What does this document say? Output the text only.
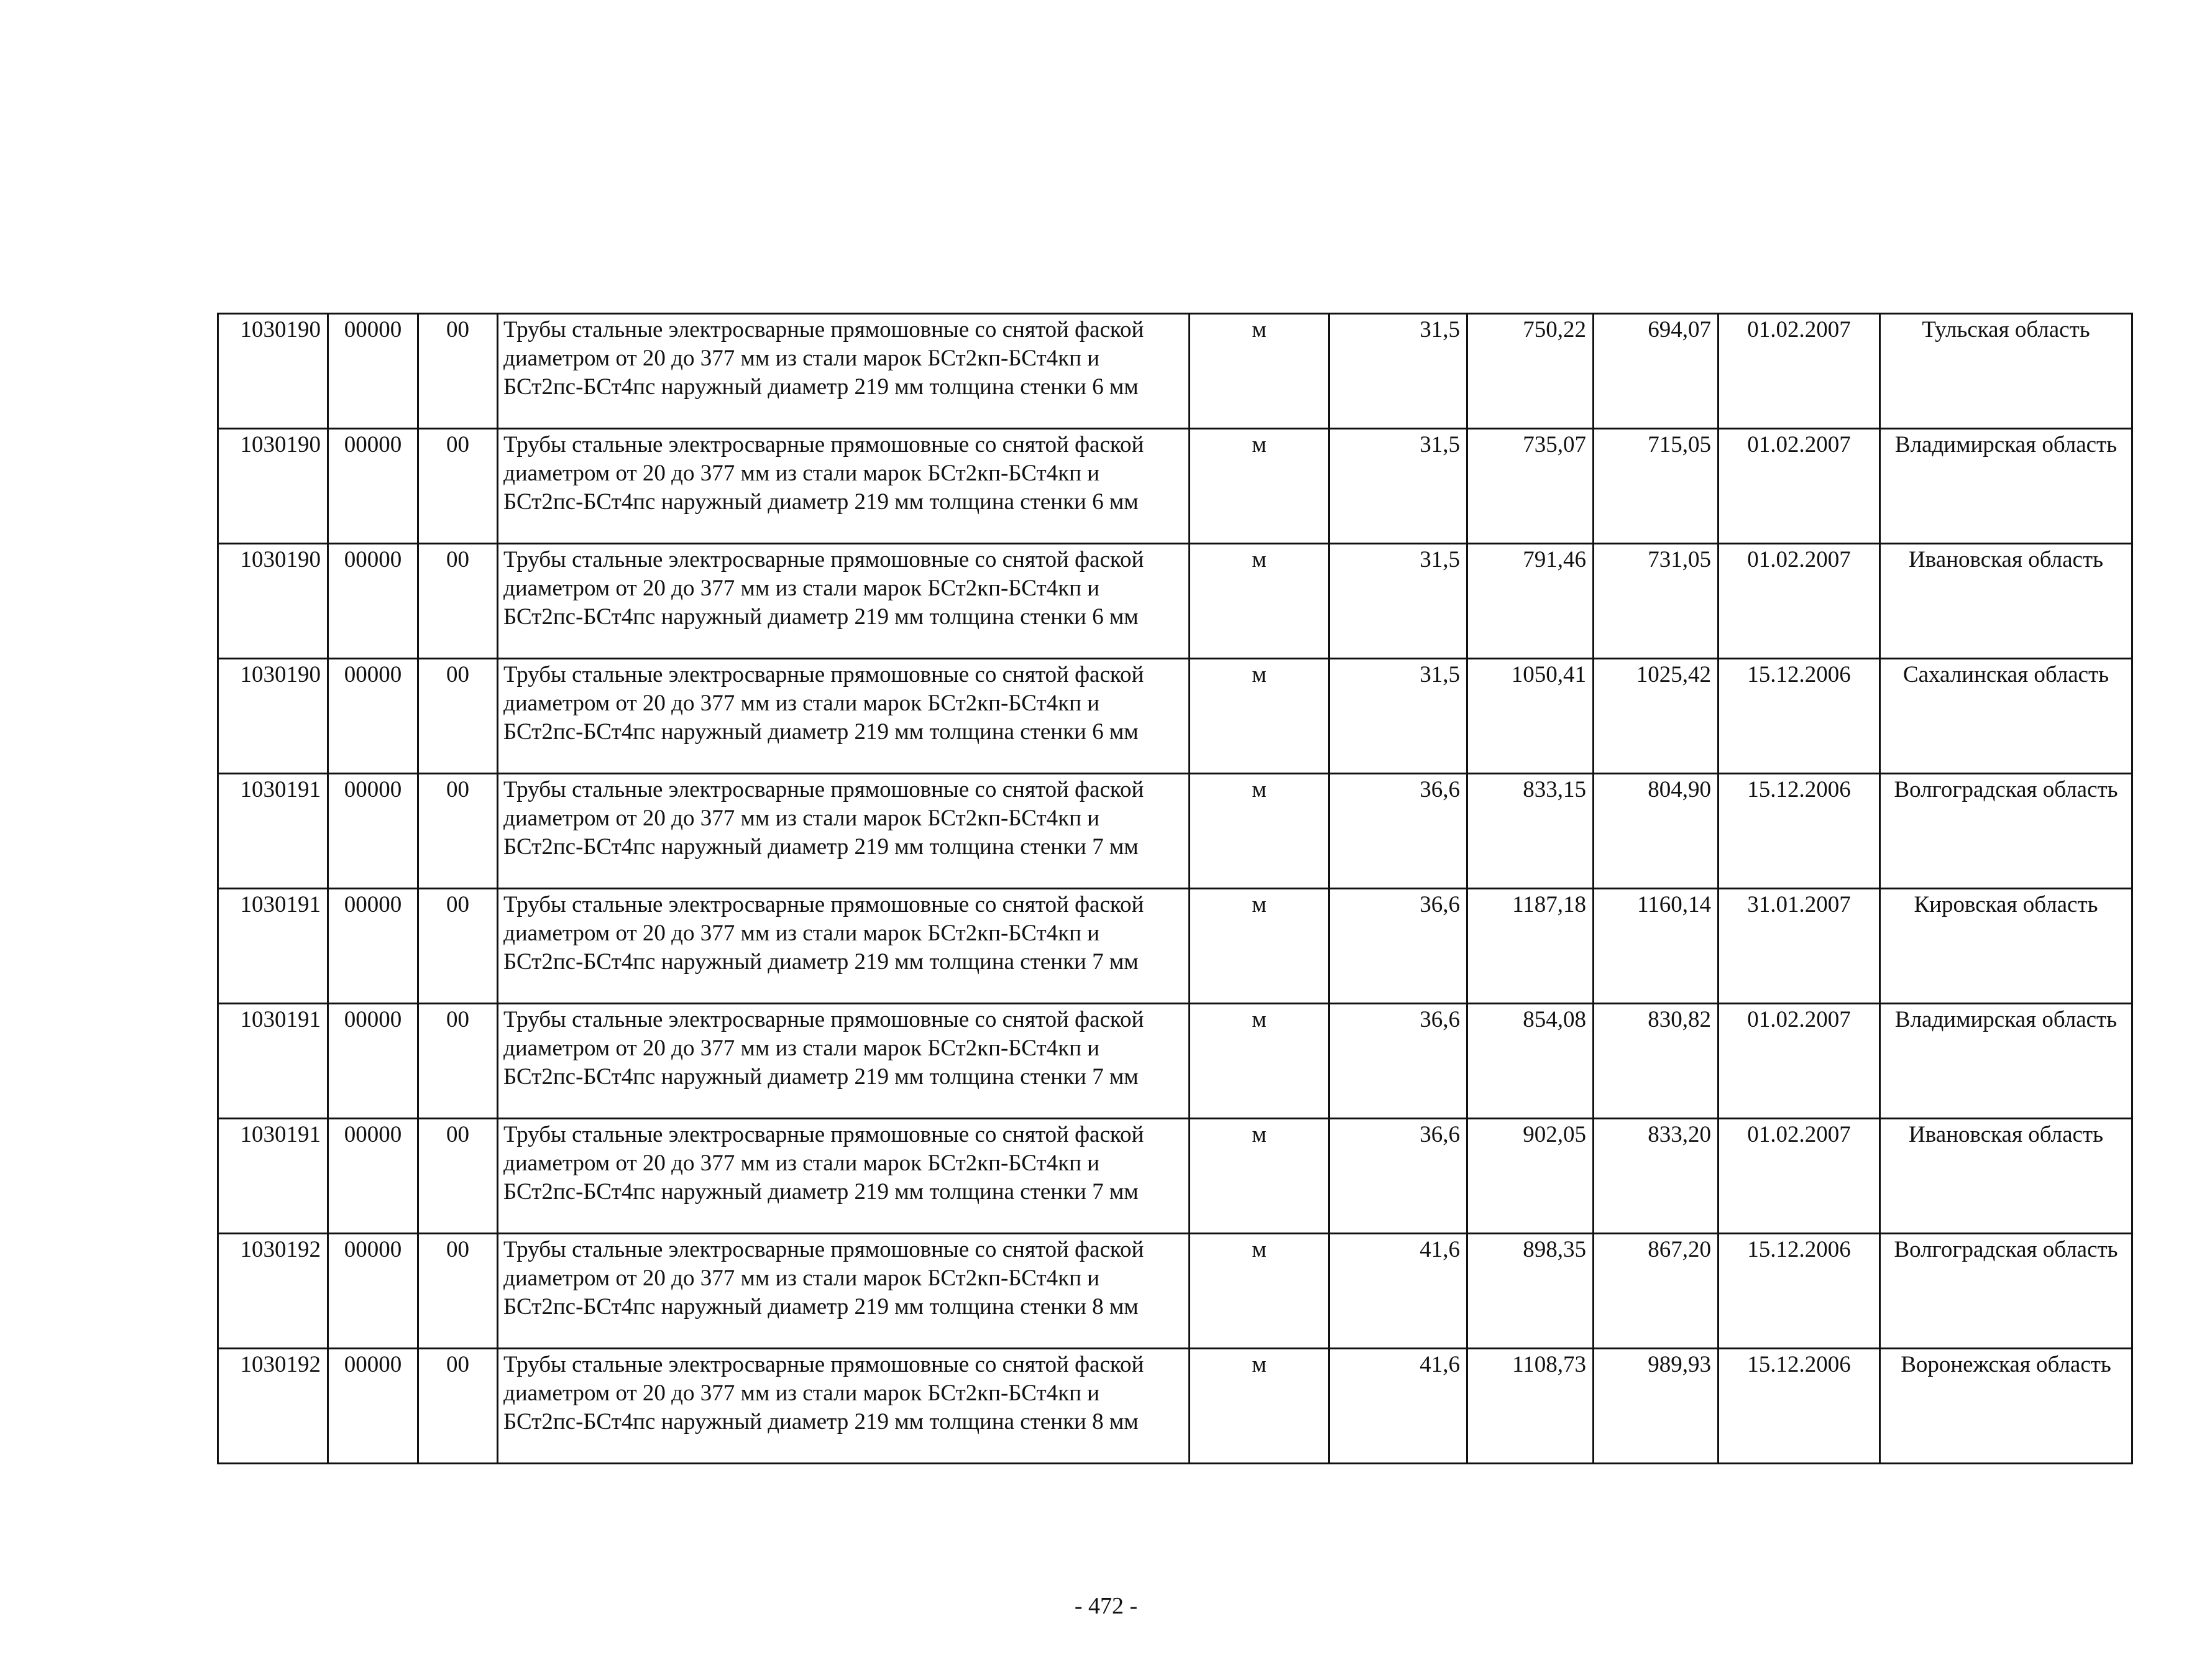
1030190	00000	00	Трубы стальные электросварные прямошовные со снятой фаской диаметром от 20 до 377 мм из стали марок БСт2кп-БСт4кп и БСт2пс-БСт4пс наружный диаметр 219 мм толщина стенки 6 мм	м	31,5	750,22	694,07	01.02.2007	Тульская область
1030190	00000	00	Трубы стальные электросварные прямошовные со снятой фаской диаметром от 20 до 377 мм из стали марок БСт2кп-БСт4кп и БСт2пс-БСт4пс наружный диаметр 219 мм толщина стенки 6 мм	м	31,5	735,07	715,05	01.02.2007	Владимирская область
1030190	00000	00	Трубы стальные электросварные прямошовные со снятой фаской диаметром от 20 до 377 мм из стали марок БСт2кп-БСт4кп и БСт2пс-БСт4пс наружный диаметр 219 мм толщина стенки 6 мм	м	31,5	791,46	731,05	01.02.2007	Ивановская область
1030190	00000	00	Трубы стальные электросварные прямошовные со снятой фаской диаметром от 20 до 377 мм из стали марок БСт2кп-БСт4кп и БСт2пс-БСт4пс наружный диаметр 219 мм толщина стенки 6 мм	м	31,5	1050,41	1025,42	15.12.2006	Сахалинская область
1030191	00000	00	Трубы стальные электросварные прямошовные со снятой фаской диаметром от 20 до 377 мм из стали марок БСт2кп-БСт4кп и БСт2пс-БСт4пс наружный диаметр 219 мм толщина стенки 7 мм	м	36,6	833,15	804,90	15.12.2006	Волгоградская область
1030191	00000	00	Трубы стальные электросварные прямошовные со снятой фаской диаметром от 20 до 377 мм из стали марок БСт2кп-БСт4кп и БСт2пс-БСт4пс наружный диаметр 219 мм толщина стенки 7 мм	м	36,6	1187,18	1160,14	31.01.2007	Кировская область
1030191	00000	00	Трубы стальные электросварные прямошовные со снятой фаской диаметром от 20 до 377 мм из стали марок БСт2кп-БСт4кп и БСт2пс-БСт4пс наружный диаметр 219 мм толщина стенки 7 мм	м	36,6	854,08	830,82	01.02.2007	Владимирская область
1030191	00000	00	Трубы стальные электросварные прямошовные со снятой фаской диаметром от 20 до 377 мм из стали марок БСт2кп-БСт4кп и БСт2пс-БСт4пс наружный диаметр 219 мм толщина стенки 7 мм	м	36,6	902,05	833,20	01.02.2007	Ивановская область
1030192	00000	00	Трубы стальные электросварные прямошовные со снятой фаской диаметром от 20 до 377 мм из стали марок БСт2кп-БСт4кп и БСт2пс-БСт4пс наружный диаметр 219 мм толщина стенки 8 мм	м	41,6	898,35	867,20	15.12.2006	Волгоградская область
1030192	00000	00	Трубы стальные электросварные прямошовные со снятой фаской диаметром от 20 до 377 мм из стали марок БСт2кп-БСт4кп и БСт2пс-БСт4пс наружный диаметр 219 мм толщина стенки 8 мм	м	41,6	1108,73	989,93	15.12.2006	Воронежская область
- 472 -
